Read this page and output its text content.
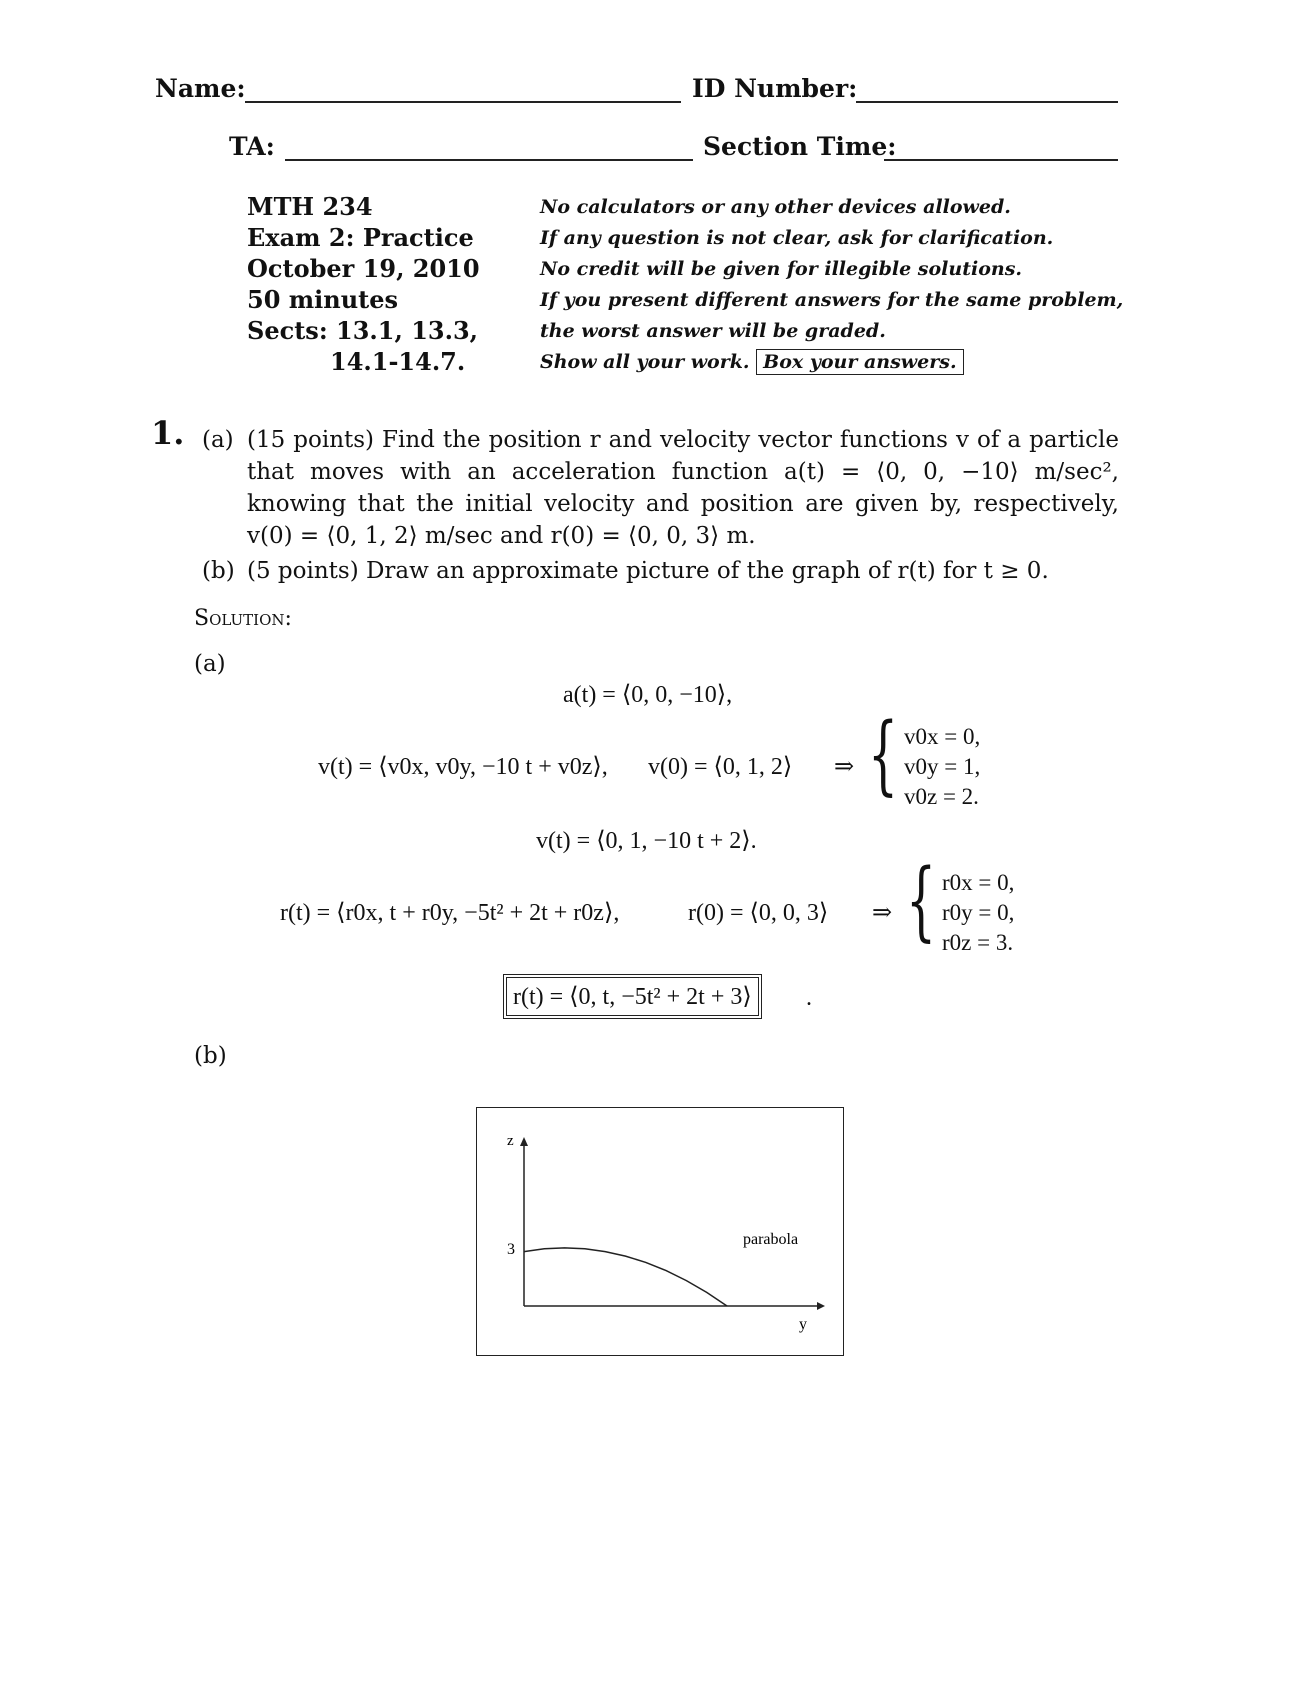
Name:	ID Number:
TA:	Section Time:
MTH 234
Exam 2: Practice
October 19, 2010
50 minutes
Sects: 13.1, 13.3,
14.1-14.7.
No calculators or any other devices allowed.
If any question is not clear, ask for clarification.
No credit will be given for illegible solutions.
If you present different answers for the same problem,
the worst answer will be graded.
Show all your work. Box your answers.
1. (a) (15 points) Find the position r and velocity vector functions v of a particle that moves with an acceleration function a(t) = ⟨0, 0, −10⟩ m/sec², knowing that the initial velocity and position are given by, respectively, v(0) = ⟨0, 1, 2⟩ m/sec and r(0) = ⟨0, 0, 3⟩ m.
(b) (5 points) Draw an approximate picture of the graph of r(t) for t ≥ 0.
Solution:
(a)
a(t) = ⟨0, 0, −10⟩,
v(t) = ⟨v0x, v0y, −10 t + v0z⟩, v(0) = ⟨0, 1, 2⟩ ⇒ { v0x = 0,
v0y = 1,
v0z = 2.
v(t) = ⟨0, 1, −10 t + 2⟩.
r(t) = ⟨r0x, t + r0y, −5t² + 2t + r0z⟩,	r(0) = ⟨0, 0, 3⟩ ⇒ { r0x = 0,
r0y = 0,
r0z = 3.
r(t) = ⟨0, t, −5t² + 2t + 3⟩ .
(b)
z
y
3
parabola
